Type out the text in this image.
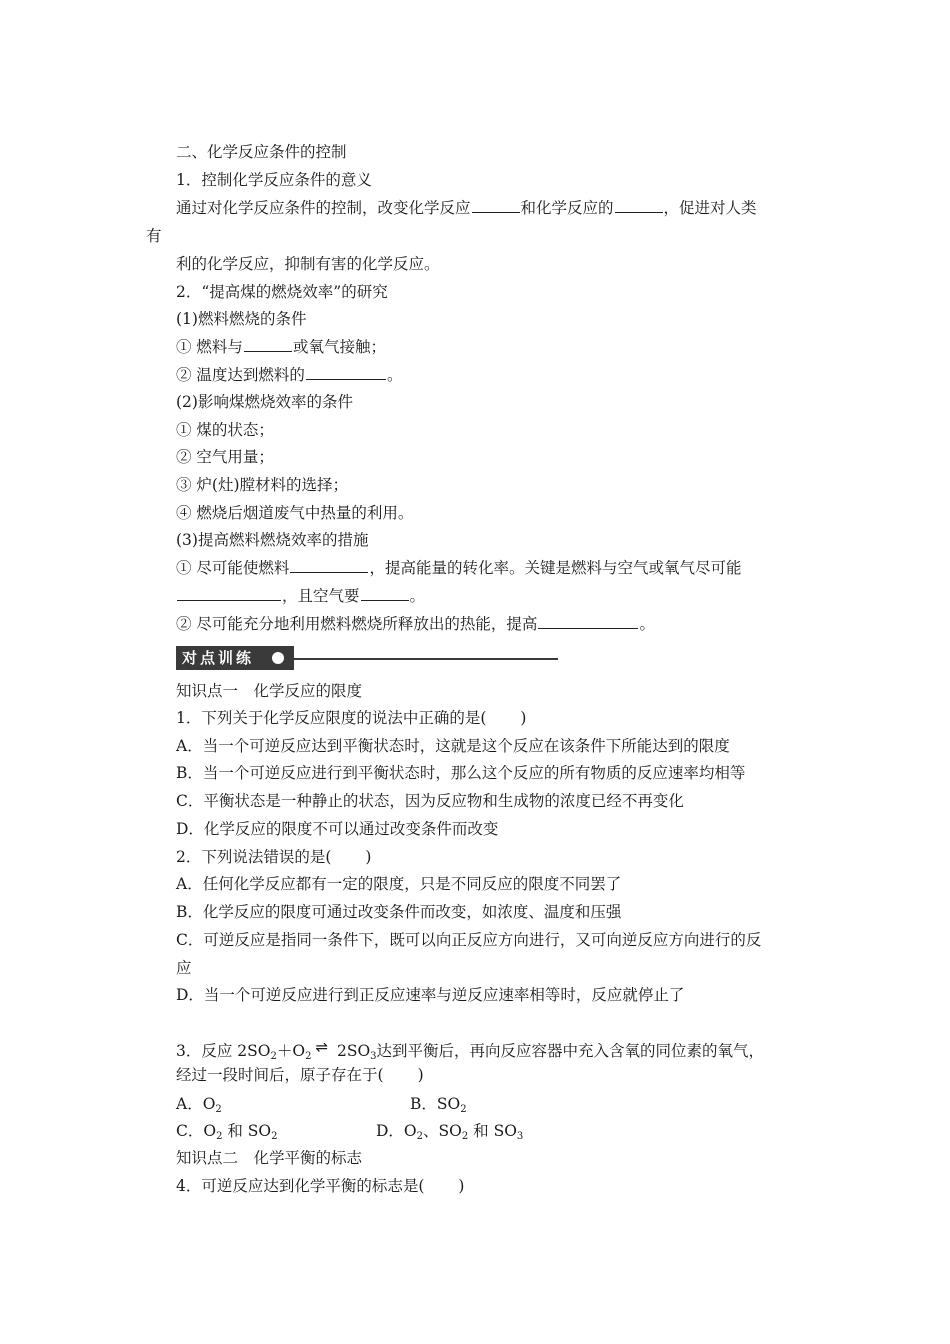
二、化学反应条件的控制
1．控制化学反应条件的意义
通过对化学反应条件的控制，改变化学反应	和化学反应的	，促进对人类
有
利的化学反应，抑制有害的化学反应。
2．“提高煤的燃烧效率”的研究
(1)燃料燃烧的条件
① 燃料与	或氧气接触；
② 温度达到燃料的	。
(2)影响煤燃烧效率的条件
① 煤的状态；
② 空气用量；
③ 炉(灶)膛材料的选择；
④ 燃烧后烟道废气中热量的利用。
(3)提高燃料燃烧效率的措施
① 尽可能使燃料	，提高能量的转化率。关键是燃料与空气或氧气尽可能
，且空气要	。
② 尽可能充分地利用燃料燃烧所释放出的热能，提高	。
对点训练
知识点一　化学反应的限度
1．下列关于化学反应限度的说法中正确的是( )
A．当一个可逆反应达到平衡状态时，这就是这个反应在该条件下所能达到的限度
B．当一个可逆反应进行到平衡状态时，那么这个反应的所有物质的反应速率均相等
C．平衡状态是一种静止的状态，因为反应物和生成物的浓度已经不再变化
D．化学反应的限度不可以通过改变条件而改变
2．下列说法错误的是( )
A．任何化学反应都有一定的限度，只是不同反应的限度不同罢了
B．化学反应的限度可通过改变条件而改变，如浓度、温度和压强
C．可逆反应是指同一条件下，既可以向正反应方向进行，又可向逆反应方向进行的反
应
D．当一个可逆反应进行到正反应速率与逆反应速率相等时，反应就停止了
3．反应 $2SO_2+O_2\rightleftharpoons$ $2SO_3$达到平衡后，再向反应容器中充入含氧的同位素的氧气，
经过一段时间后，原子存在于( )
A．$O_2$	B．$SO_2$
C．$O_2$ 和 $SO_2$	D．$O_2$、$SO_2$ 和 $SO_3$
知识点二　化学平衡的标志
4．可逆反应达到化学平衡的标志是( )
